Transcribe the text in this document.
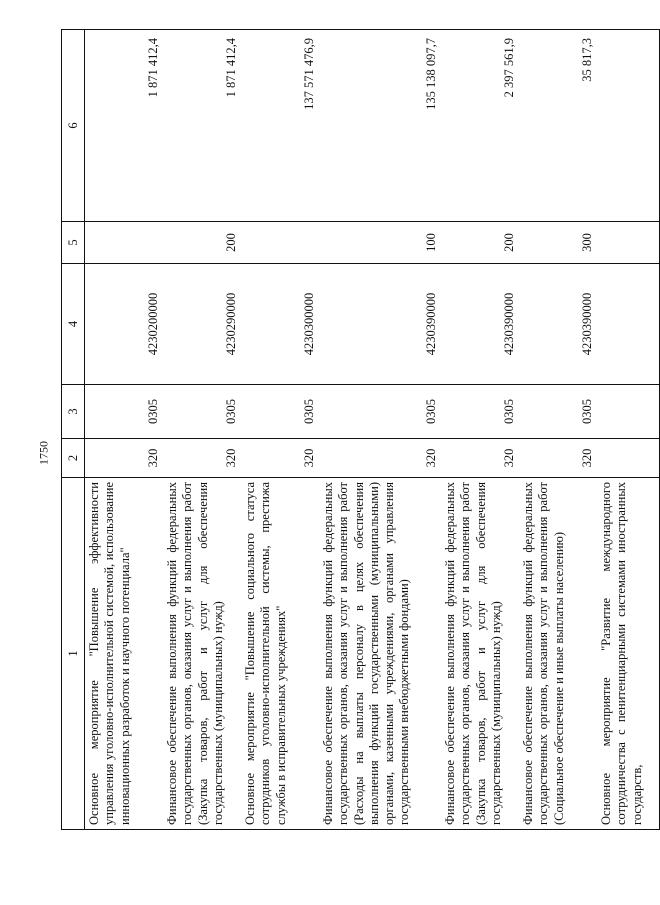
1750
1	2	3	4	5	6
Основное мероприятие "Повышение эффективности управления уголовно-исполнительной системой, использование инновационных разработок и научного потенциала"	320	0305	4230200000		1 871 412,4
Финансовое обеспечение выполнения функций федеральных государственных органов, оказания услуг и выполнения работ (Закупка товаров, работ и услуг для обеспечения государственных (муниципальных) нужд)	320	0305	4230290000	200	1 871 412,4
Основное мероприятие "Повышение социального статуса сотрудников уголовно-исполнительной системы, престижа службы в исправительных учреждениях"	320	0305	4230300000		137 571 476,9
Финансовое обеспечение выполнения функций федеральных государственных органов, оказания услуг и выполнения работ (Расходы на выплаты персоналу в целях обеспечения выполнения функций государственными (муниципальными) органами, казенными учреждениями, органами управления государственными внебюджетными фондами)	320	0305	4230390000	100	135 138 097,7
Финансовое обеспечение выполнения функций федеральных государственных органов, оказания услуг и выполнения работ (Закупка товаров, работ и услуг для обеспечения государственных (муниципальных) нужд)	320	0305	4230390000	200	2 397 561,9
Финансовое обеспечение выполнения функций федеральных государственных органов, оказания услуг и выполнения работ (Социальное обеспечение и иные выплаты населению)	320	0305	4230390000	300	35 817,3
Основное мероприятие "Развитие международного сотрудничества с пенитенциарными системами иностранных государств,					
